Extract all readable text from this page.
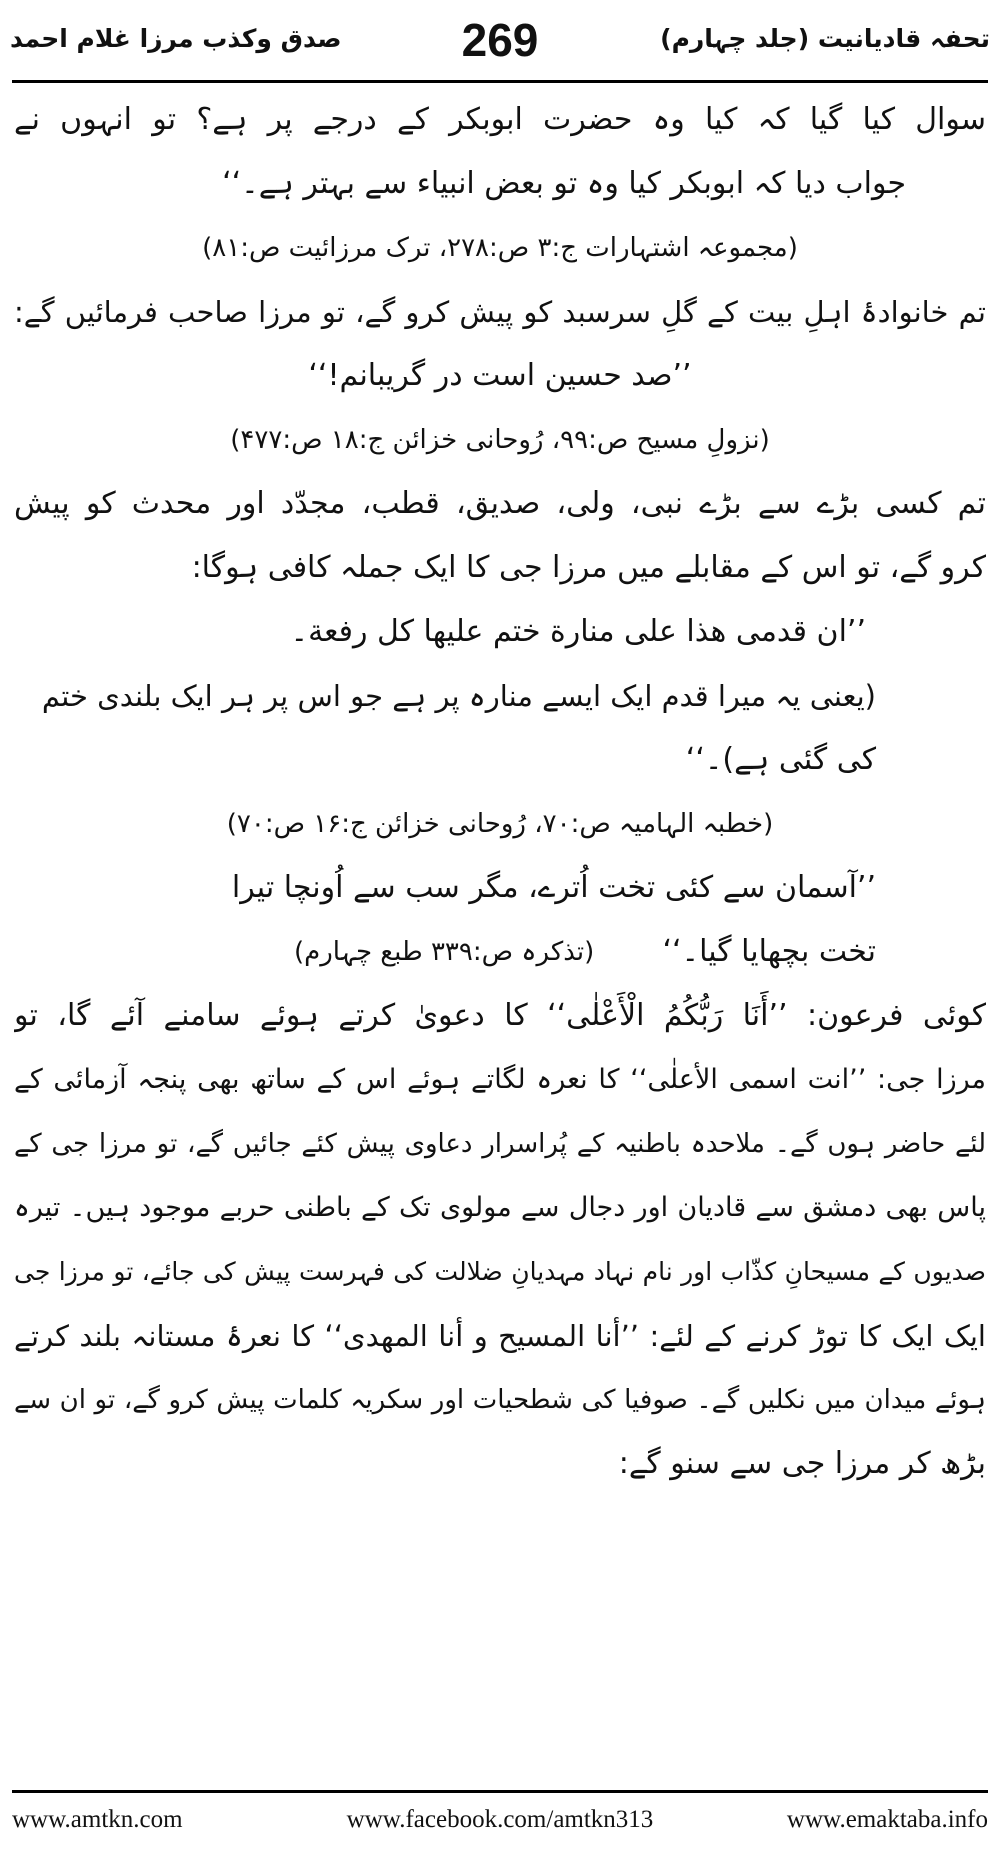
تحفہ قادیانیت (جلد چہارم)
269
صدق وکذب مرزا غلام احمد
سوال کیا گیا کہ کیا وہ حضرت ابوبکر کے درجے پر ہے؟ تو انہوں نے
جواب دیا کہ ابوبکر کیا وہ تو بعض انبیاء سے بہتر ہے۔‘‘
(مجموعہ اشتہارات ج:۳ ص:۲۷۸، ترک مرزائیت ص:۸۱)
تم خانوادۂ اہلِ بیت کے گلِ سرسبد کو پیش کرو گے، تو مرزا صاحب فرمائیں گے:
’’صد حسین است در گریبانم!‘‘
(نزولِ مسیح ص:۹۹، رُوحانی خزائن ج:۱۸ ص:۴۷۷)
تم کسی بڑے سے بڑے نبی، ولی، صدیق، قطب، مجدّد اور محدث کو پیش
کرو گے، تو اس کے مقابلے میں مرزا جی کا ایک جملہ کافی ہوگا:
’’ان قدمی هذا علی منارة ختم علیها کل رفعة۔
(یعنی یہ میرا قدم ایک ایسے منارہ پر ہے جو اس پر ہر ایک بلندی ختم
کی گئی ہے)۔‘‘
(خطبہ الہامیہ ص:۷۰، رُوحانی خزائن ج:۱۶ ص:۷۰)
’’آسمان سے کئی تخت اُترے، مگر سب سے اُونچا تیرا
تخت بچھایا گیا۔‘‘
(تذکرہ ص:۳۳۹ طبع چہارم)
کوئی فرعون: ’’أَنَا رَبُّكُمُ الْأَعْلٰی‘‘ کا دعویٰ کرتے ہوئے سامنے آئے گا، تو
مرزا جی: ’’انت اسمی الأعلٰی‘‘ کا نعرہ لگاتے ہوئے اس کے ساتھ بھی پنجہ آزمائی کے
لئے حاضر ہوں گے۔ ملاحدہ باطنیہ کے پُراسرار دعاوی پیش کئے جائیں گے، تو مرزا جی کے
پاس بھی دمشق سے قادیان اور دجال سے مولوی تک کے باطنی حربے موجود ہیں۔ تیرہ
صدیوں کے مسیحانِ کذّاب اور نام نہاد مہدیانِ ضلالت کی فہرست پیش کی جائے، تو مرزا جی
ایک ایک کا توڑ کرنے کے لئے: ’’أنا المسیح و أنا المهدی‘‘ کا نعرۂ مستانہ بلند کرتے
ہوئے میدان میں نکلیں گے۔ صوفیا کی شطحیات اور سکریہ کلمات پیش کرو گے، تو ان سے
بڑھ کر مرزا جی سے سنو گے:
www.amtkn.com	www.facebook.com/amtkn313	www.emaktaba.info
